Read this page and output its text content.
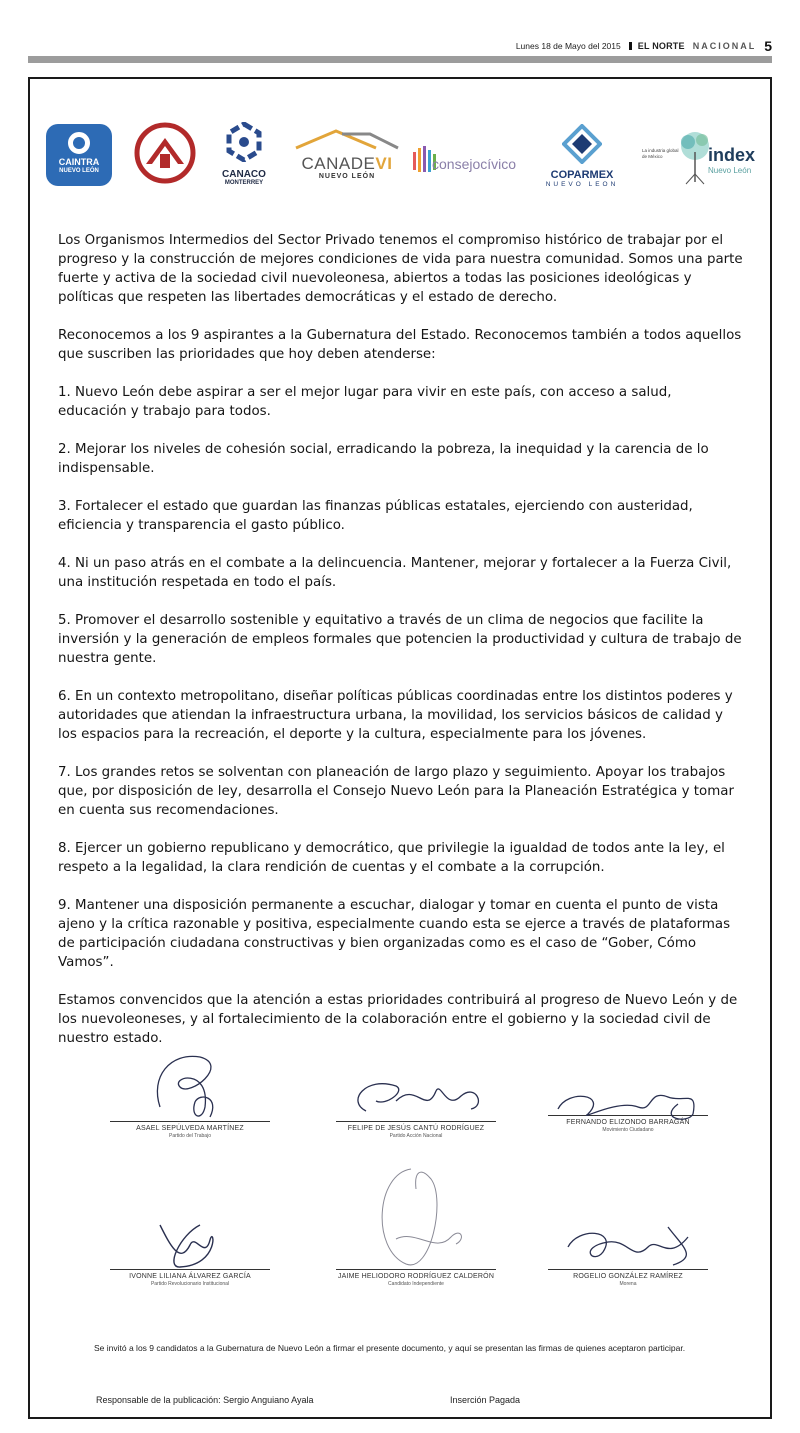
Lunes 18 de Mayo del 2015 EL NORTE NACIONAL 5
CAINTRA
NUEVO LEÓN	CANACO
MONTERREY
CANADEVI
NUEVO LEÓN
consejocívico
COPARMEX
NUEVO LEON
La industria global de México	index
Nuevo León

Los Organismos Intermedios del Sector Privado tenemos el compromiso histórico de trabajar por el progreso y la construcción de mejores condiciones de vida para nuestra comunidad. Somos una parte fuerte y activa de la sociedad civil nuevoleonesa, abiertos a todas las posiciones ideológicas y políticas que respeten las libertades democráticas y el estado de derecho.

Reconocemos a los 9 aspirantes a la Gubernatura del Estado. Reconocemos también a todos aquellos que suscriben las prioridades que hoy deben atenderse:

1. Nuevo León debe aspirar a ser el mejor lugar para vivir en este país, con acceso a salud, educación y trabajo para todos.

2. Mejorar los niveles de cohesión social, erradicando la pobreza, la inequidad y la carencia de lo indispensable.

3. Fortalecer el estado que guardan las finanzas públicas estatales, ejerciendo con austeridad, eficiencia y transparencia el gasto público.

4. Ni un paso atrás en el combate a la delincuencia. Mantener, mejorar y fortalecer a la Fuerza Civil, una institución respetada en todo el país.

5. Promover el desarrollo sostenible y equitativo a través de un clima de negocios que facilite la inversión y la generación de empleos formales que potencien la productividad y cultura de trabajo de nuestra gente.

6. En un contexto metropolitano, diseñar políticas públicas coordinadas entre los distintos poderes y autoridades que atiendan la infraestructura urbana, la movilidad, los servicios básicos de calidad y los espacios para la recreación, el deporte y la cultura, especialmente para los jóvenes.

7. Los grandes retos se solventan con planeación de largo plazo y seguimiento. Apoyar los trabajos que, por disposición de ley, desarrolla el Consejo Nuevo León para la Planeación Estratégica y tomar en cuenta sus recomendaciones.

8. Ejercer un gobierno republicano y democrático, que privilegie la igualdad de todos ante la ley, el respeto a la legalidad, la clara rendición de cuentas y el combate a la corrupción.

9. Mantener una disposición permanente a escuchar, dialogar y tomar en cuenta el punto de vista ajeno y la crítica razonable y positiva, especialmente cuando esta se ejerce a través de plataformas de participación ciudadana constructivas y bien organizadas como es el caso de “Gober, Cómo Vamos”.

Estamos convencidos que la atención a estas prioridades contribuirá al progreso de Nuevo León y de los nuevoleoneses, y al fortalecimiento de la colaboración entre el gobierno y la sociedad civil de nuestro estado.

ASAEL SEPÚLVEDA MARTÍNEZ
Partido del Trabajo
FELIPE DE JESÚS CANTÚ RODRÍGUEZ
Partido Acción Nacional
FERNANDO ELIZONDO BARRAGÁN
Movimiento Ciudadano
IVONNE LILIANA ÁLVAREZ GARCÍA
Partido Revolucionario Institucional
JAIME HELIODORO RODRÍGUEZ CALDERÓN
Candidato Independiente
ROGELIO GONZÁLEZ RAMÍREZ
Morena
Se invitó a los 9 candidatos a la Gubernatura de Nuevo León a firmar el presente documento, y aquí se presentan las firmas de quienes aceptaron participar.
Responsable de la publicación: Sergio Anguiano Ayala	Inserción Pagada
